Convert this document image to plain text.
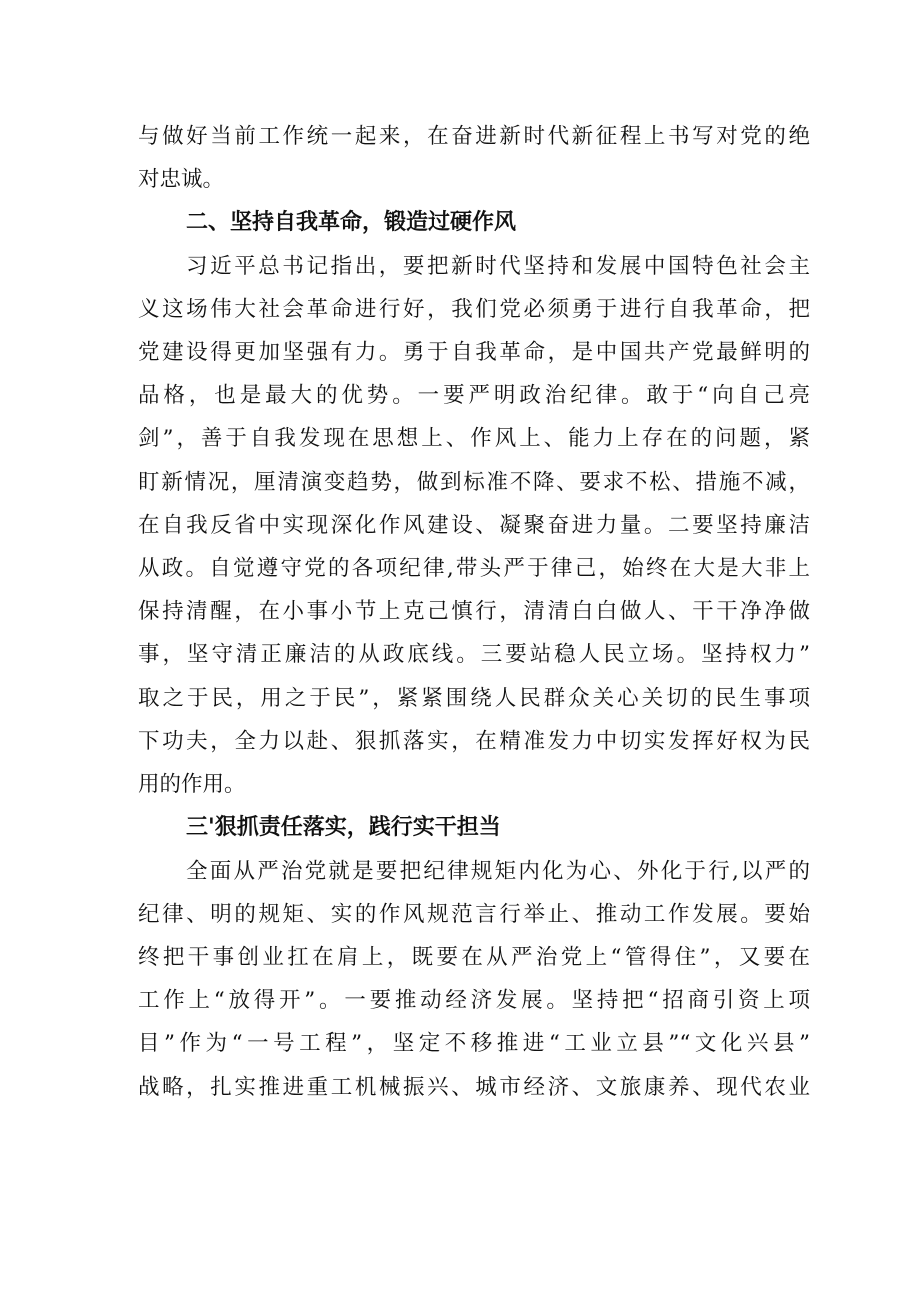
与做好当前工作统一起来，在奋进新时代新征程上书写对党的绝
对忠诚。
二、坚持自我革命，锻造过硬作风
习近平总书记指出，要把新时代坚持和发展中国特色社会主
义这场伟大社会革命进行好，我们党必须勇于进行自我革命，把
党建设得更加坚强有力。勇于自我革命，是中国共产党最鲜明的
品格，也是最大的优势。一要严明政治纪律。敢于“向自己亮
剑”，善于自我发现在思想上、作风上、能力上存在的问题，紧
盯新情况，厘清演变趋势，做到标准不降、要求不松、措施不减，
在自我反省中实现深化作风建设、凝聚奋进力量。二要坚持廉洁
从政。自觉遵守党的各项纪律,带头严于律己，始终在大是大非上
保持清醒，在小事小节上克己慎行，清清白白做人、干干净净做
事，坚守清正廉洁的从政底线。三要站稳人民立场。坚持权力”
取之于民，用之于民”，紧紧围绕人民群众关心关切的民生事项
下功夫，全力以赴、狠抓落实，在精准发力中切实发挥好权为民
用的作用。
三'狠抓责任落实，践行实干担当
全面从严治党就是要把纪律规矩内化为心、外化于行,以严的
纪律、明的规矩、实的作风规范言行举止、推动工作发展。要始
终把干事创业扛在肩上，既要在从严治党上“管得住”，又要在
工作上“放得开”。一要推动经济发展。坚持把“招商引资上项
目”作为“一号工程”，坚定不移推进“工业立县”“文化兴县”
战略，扎实推进重工机械振兴、城市经济、文旅康养、现代农业
